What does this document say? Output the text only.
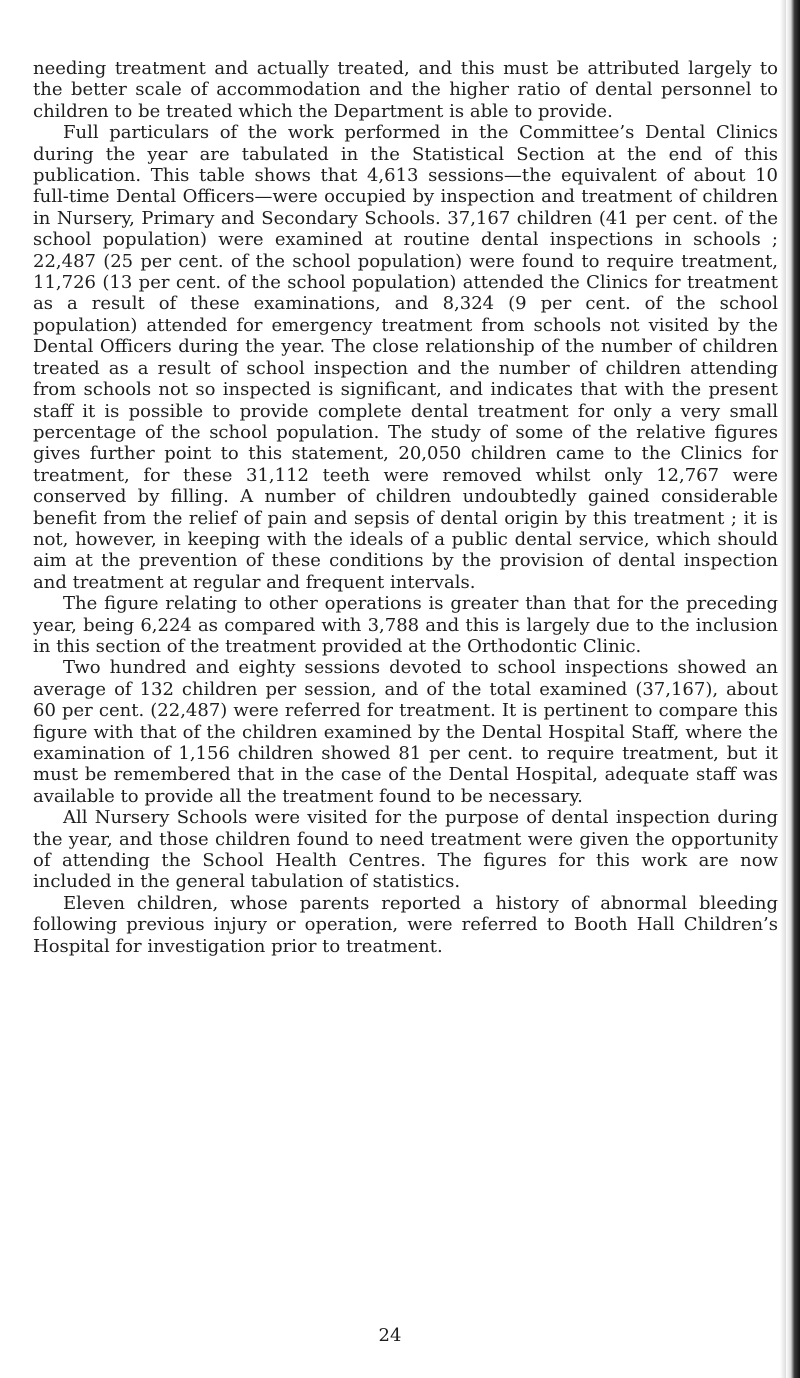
needing treatment and actually treated, and this must be attributed largely to the better scale of accommodation and the higher ratio of dental personnel to children to be treated which the Department is able to provide.

Full particulars of the work performed in the Committee’s Dental Clinics during the year are tabulated in the Statistical Section at the end of this publication. This table shows that 4,613 sessions—the equivalent of about 10 full-time Dental Officers—were occupied by inspection and treatment of children in Nursery, Primary and Secondary Schools. 37,167 children (41 per cent. of the school population) were examined at routine dental inspections in schools ; 22,487 (25 per cent. of the school population) were found to require treatment, 11,726 (13 per cent. of the school population) attended the Clinics for treatment as a result of these examinations, and 8,324 (9 per cent. of the school population) attended for emergency treatment from schools not visited by the Dental Officers during the year. The close relationship of the number of children treated as a result of school inspection and the number of children attending from schools not so inspected is significant, and indicates that with the present staff it is possible to provide complete dental treatment for only a very small percentage of the school population. The study of some of the relative figures gives further point to this statement, 20,050 children came to the Clinics for treatment, for these 31,112 teeth were removed whilst only 12,767 were conserved by filling. A number of children undoubtedly gained considerable benefit from the relief of pain and sepsis of dental origin by this treatment ; it is not, however, in keeping with the ideals of a public dental service, which should aim at the prevention of these conditions by the provision of dental inspection and treatment at regular and frequent intervals.

The figure relating to other operations is greater than that for the preceding year, being 6,224 as compared with 3,788 and this is largely due to the inclusion in this section of the treatment provided at the Orthodontic Clinic.

Two hundred and eighty sessions devoted to school inspections showed an average of 132 children per session, and of the total examined (37,167), about 60 per cent. (22,487) were referred for treatment. It is pertinent to compare this figure with that of the children examined by the Dental Hospital Staff, where the examination of 1,156 children showed 81 per cent. to require treatment, but it must be remembered that in the case of the Dental Hospital, adequate staff was available to provide all the treatment found to be necessary.

All Nursery Schools were visited for the purpose of dental inspection during the year, and those children found to need treatment were given the opportunity of attending the School Health Centres. The figures for this work are now included in the general tabulation of statistics.

Eleven children, whose parents reported a history of abnormal bleeding following previous injury or operation, were referred to Booth Hall Children’s Hospital for investigation prior to treatment.

24
